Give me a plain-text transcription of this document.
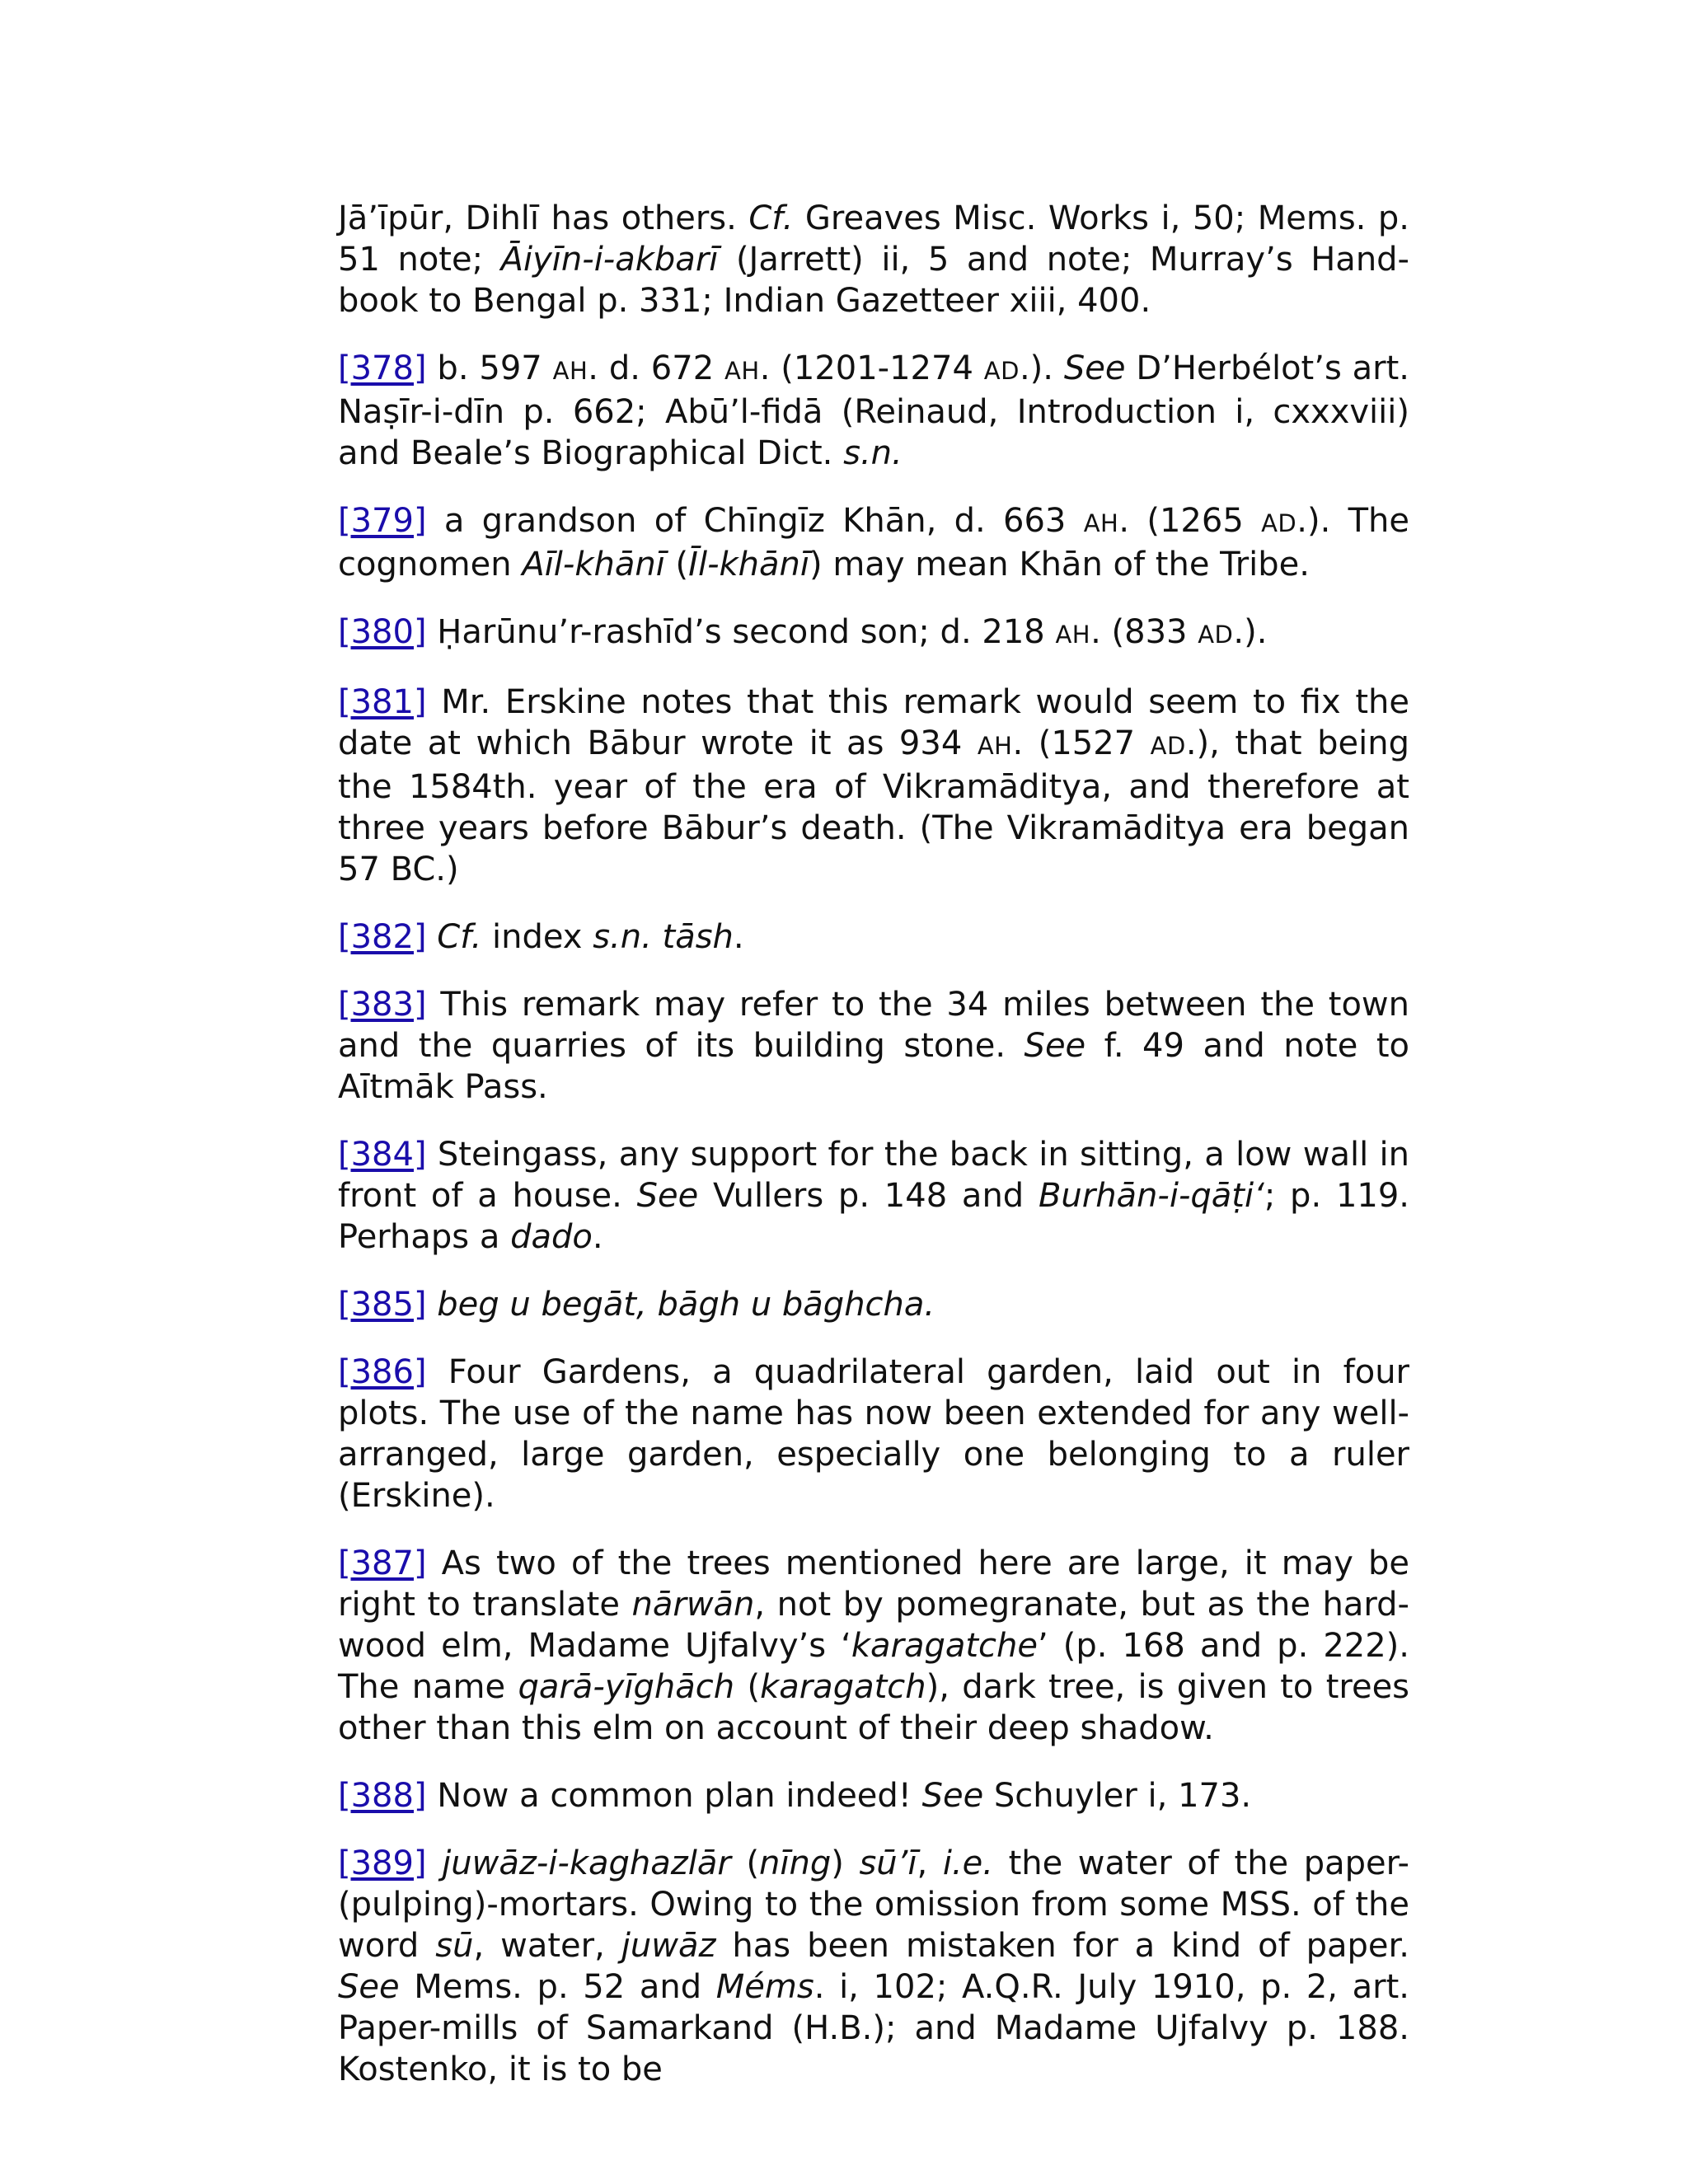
Jā’īpūr, Dihlī has others. Cf. Greaves Misc. Works i, 50; Mems. p. 51 note; Āiyīn-i-akbarī (Jarrett) ii, 5 and note; Murray’s Hand-book to Bengal p. 331; Indian Gazetteer xiii, 400.

[378] b. 597 AH. d. 672 AH. (1201-1274 AD.). See D’Herbélot’s art. Naṣīr-i-dīn p. 662; Abū’l-fidā (Reinaud, Introduction i, cxxxviii) and Beale’s Biographical Dict. s.n.

[379] a grandson of Chīngīz Khān, d. 663 AH. (1265 AD.). The cognomen Aīl-khānī (Īl-khānī) may mean Khān of the Tribe.

[380] Ḥarūnu’r-rashīd’s second son; d. 218 AH. (833 AD.).

[381] Mr. Erskine notes that this remark would seem to fix the date at which Bābur wrote it as 934 AH. (1527 AD.), that being the 1584th. year of the era of Vikramāditya, and therefore at three years before Bābur’s death. (The Vikramāditya era began 57 BC.)

[382] Cf. index s.n. tāsh.

[383] This remark may refer to the 34 miles between the town and the quarries of its building stone. See f. 49 and note to Aītmāk Pass.

[384] Steingass, any support for the back in sitting, a low wall in front of a house. See Vullers p. 148 and Burhān-i-qāṭi‘; p. 119. Perhaps a dado.

[385] beg u begāt, bāgh u bāghcha.

[386] Four Gardens, a quadrilateral garden, laid out in four plots. The use of the name has now been extended for any well-arranged, large garden, especially one belonging to a ruler (Erskine).

[387] As two of the trees mentioned here are large, it may be right to translate nārwān, not by pomegranate, but as the hard-wood elm, Madame Ujfalvy’s ‘karagatche’ (p. 168 and p. 222). The name qarā-yīghāch (karagatch), dark tree, is given to trees other than this elm on account of their deep shadow.

[388] Now a common plan indeed! See Schuyler i, 173.

[389] juwāz-i-kaghazlār (nīng) sū’ī, i.e. the water of the paper-(pulping)-mortars. Owing to the omission from some MSS. of the word sū, water, juwāz has been mistaken for a kind of paper. See Mems. p. 52 and Méms. i, 102; A.Q.R. July 1910, p. 2, art. Paper-mills of Samarkand (H.B.); and Madame Ujfalvy p. 188. Kostenko, it is to be
